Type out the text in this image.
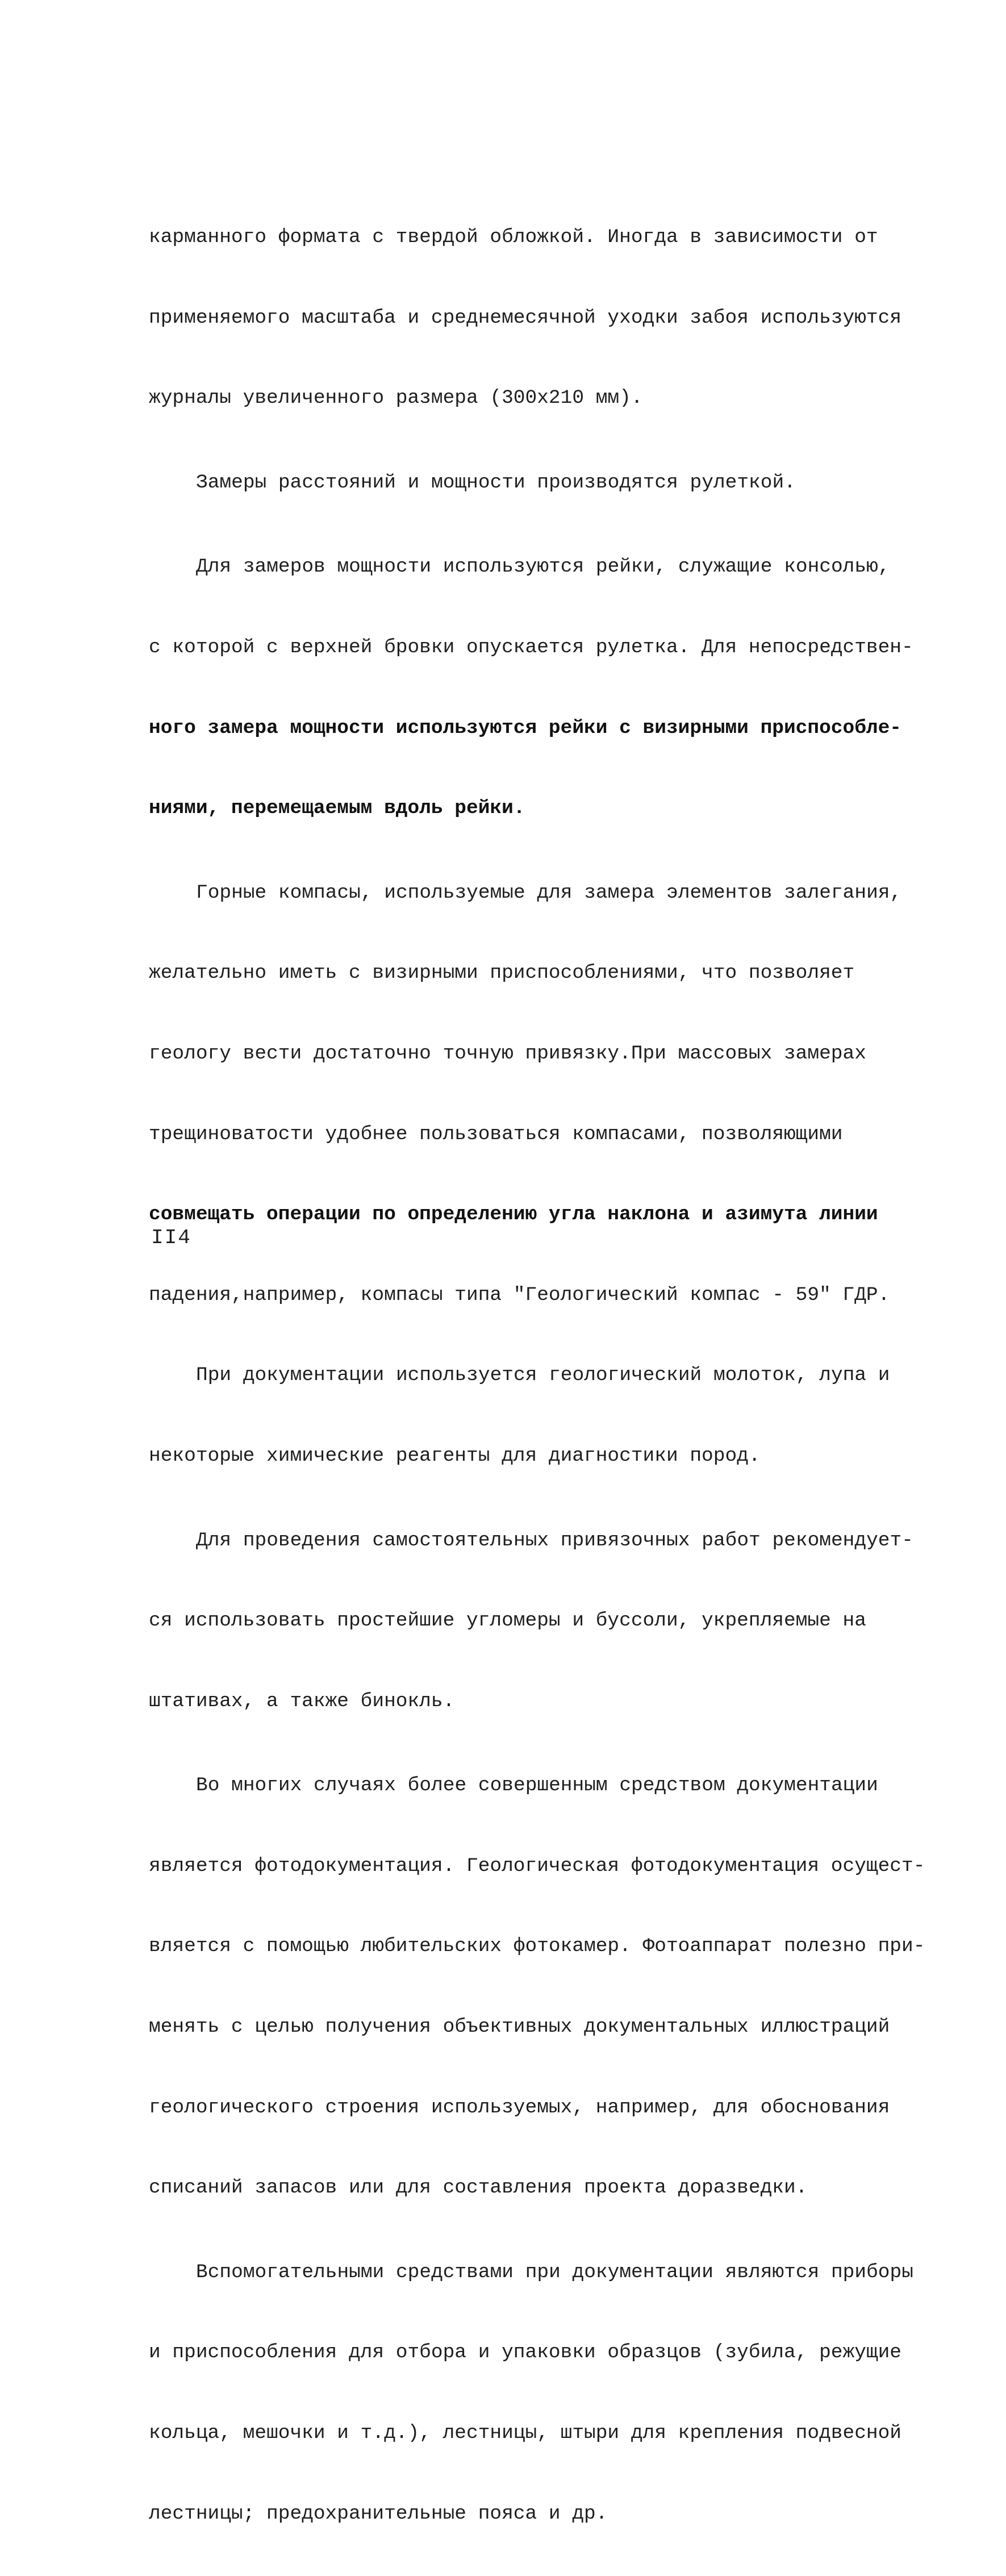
карманного формата с твердой обложкой. Иногда в зависимости от

применяемого масштаба и среднемесячной уходки забоя используются

журналы увеличенного размера (300х210 мм).

Замеры расстояний и мощности производятся рулеткой.

Для замеров мощности используются рейки, служащие консолью,

с которой с верхней бровки опускается рулетка. Для непосредствен-

ного замера мощности используются рейки с визирными приспособле-

ниями, перемещаемым вдоль рейки.

Горные компасы, используемые для замера элементов залегания,

желательно иметь с визирными приспособлениями, что позволяет

геологу вести достаточно точную привязку.При массовых замерах

трещиноватости удобнее пользоваться компасами, позволяющими

совмещать операции по определению угла наклона и азимута линии

падения,например, компасы типа "Геологический компас - 59" ГДР.

При документации используется геологический молоток, лупа и

некоторые химические реагенты для диагностики пород.

Для проведения самостоятельных привязочных работ рекомендует-

ся использовать простейшие угломеры и буссоли, укрепляемые на

штативах, а также бинокль.

Во многих случаях более совершенным средством документации

является фотодокументация. Геологическая фотодокументация осущест-

вляется с помощью любительских фотокамер. Фотоаппарат полезно при-

менять с целью получения объективных документальных иллюстраций

геологического строения используемых, например, для обоснования

списаний запасов или для составления проекта доразведки.

Вспомогательными средствами при документации являются приборы

и приспособления для отбора и упаковки образцов (зубила, режущие

кольца, мешочки и т.д.), лестницы, штыри для крепления подвесной

лестницы; предохранительные пояса и др.

II4
